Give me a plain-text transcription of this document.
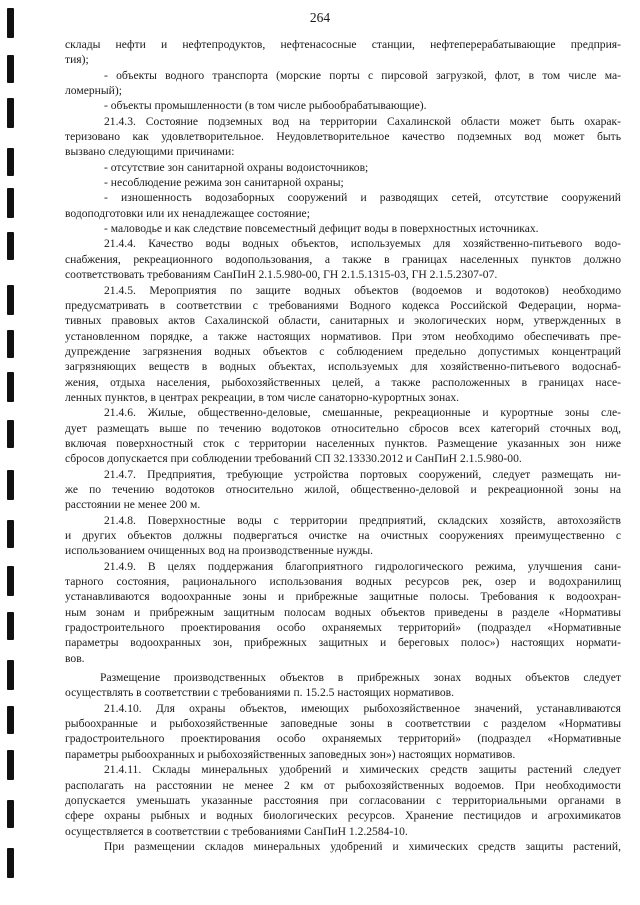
264
склады нефти и нефтепродуктов, нефтенасосные станции, нефтеперерабатывающие предприя-
тия);
- объекты водного транспорта (морские порты с пирсовой загрузкой, флот, в том числе ма-
ломерный);
- объекты промышленности (в том числе рыбообрабатывающие).
21.4.3. Состояние подземных вод на территории Сахалинской области может быть охарак-
теризовано как удовлетворительное. Неудовлетворительное качество подземных вод может быть
вызвано следующими причинами:
- отсутствие зон санитарной охраны водоисточников;
- несоблюдение режима зон санитарной охраны;
- изношенность водозаборных сооружений и разводящих сетей, отсутствие сооружений
водоподготовки или их ненадлежащее состояние;
- маловодье и как следствие повсеместный дефицит воды в поверхностных источниках.
21.4.4. Качество воды водных объектов, используемых для хозяйственно-питьевого водо-
снабжения, рекреационного водопользования, а также в границах населенных пунктов должно
соответствовать требованиям СанПиН 2.1.5.980-00, ГН 2.1.5.1315-03, ГН 2.1.5.2307-07.
21.4.5. Мероприятия по защите водных объектов (водоемов и водотоков) необходимо
предусматривать в соответствии с требованиями Водного кодекса Российской Федерации, норма-
тивных правовых актов Сахалинской области, санитарных и экологических норм, утвержденных в
установленном порядке, а также настоящих нормативов. При этом необходимо обеспечивать пре-
дупреждение загрязнения водных объектов с соблюдением предельно допустимых концентраций
загрязняющих веществ в водных объектах, используемых для хозяйственно-питьевого водоснаб-
жения, отдыха населения, рыбохозяйственных целей, а также расположенных в границах насе-
ленных пунктов, в центрах рекреации, в том числе санаторно-курортных зонах.
21.4.6. Жилые, общественно-деловые, смешанные, рекреационные и курортные зоны сле-
дует размещать выше по течению водотоков относительно сбросов всех категорий сточных вод,
включая поверхностный сток с территории населенных пунктов. Размещение указанных зон ниже
сбросов допускается при соблюдении требований СП 32.13330.2012 и СанПиН 2.1.5.980-00.
21.4.7. Предприятия, требующие устройства портовых сооружений, следует размещать ни-
же по течению водотоков относительно жилой, общественно-деловой и рекреационной зоны на
расстоянии не менее 200 м.
21.4.8. Поверхностные воды с территории предприятий, складских хозяйств, автохозяйств
и других объектов должны подвергаться очистке на очистных сооружениях преимущественно с
использованием очищенных вод на производственные нужды.
21.4.9. В целях поддержания благоприятного гидрологического режима, улучшения сани-
тарного состояния, рационального использования водных ресурсов рек, озер и водохранилищ
устанавливаются водоохранные зоны и прибрежные защитные полосы. Требования к водоохран-
ным зонам и прибрежным защитным полосам водных объектов приведены в разделе «Нормативы
градостроительного проектирования особо охраняемых территорий» (подраздел «Нормативные
параметры водоохранных зон, прибрежных защитных и береговых полос») настоящих нормати-
вов.
Размещение производственных объектов в прибрежных зонах водных объектов следует
осуществлять в соответствии с требованиями п. 15.2.5 настоящих нормативов.
21.4.10. Для охраны объектов, имеющих рыбохозяйственное значений, устанавливаются
рыбоохранные и рыбохозяйственные заповедные зоны в соответствии с разделом «Нормативы
градостроительного проектирования особо охраняемых территорий» (подраздел «Нормативные
параметры рыбоохранных и рыбохозяйственных заповедных зон») настоящих нормативов.
21.4.11. Склады минеральных удобрений и химических средств защиты растений следует
располагать на расстоянии не менее 2 км от рыбохозяйственных водоемов. При необходимости
допускается уменьшать указанные расстояния при согласовании с территориальными органами в
сфере охраны рыбных и водных биологических ресурсов. Хранение пестицидов и агрохимикатов
осуществляется в соответствии с требованиями СанПиН 1.2.2584-10.
При размещении складов минеральных удобрений и химических средств защиты растений,
